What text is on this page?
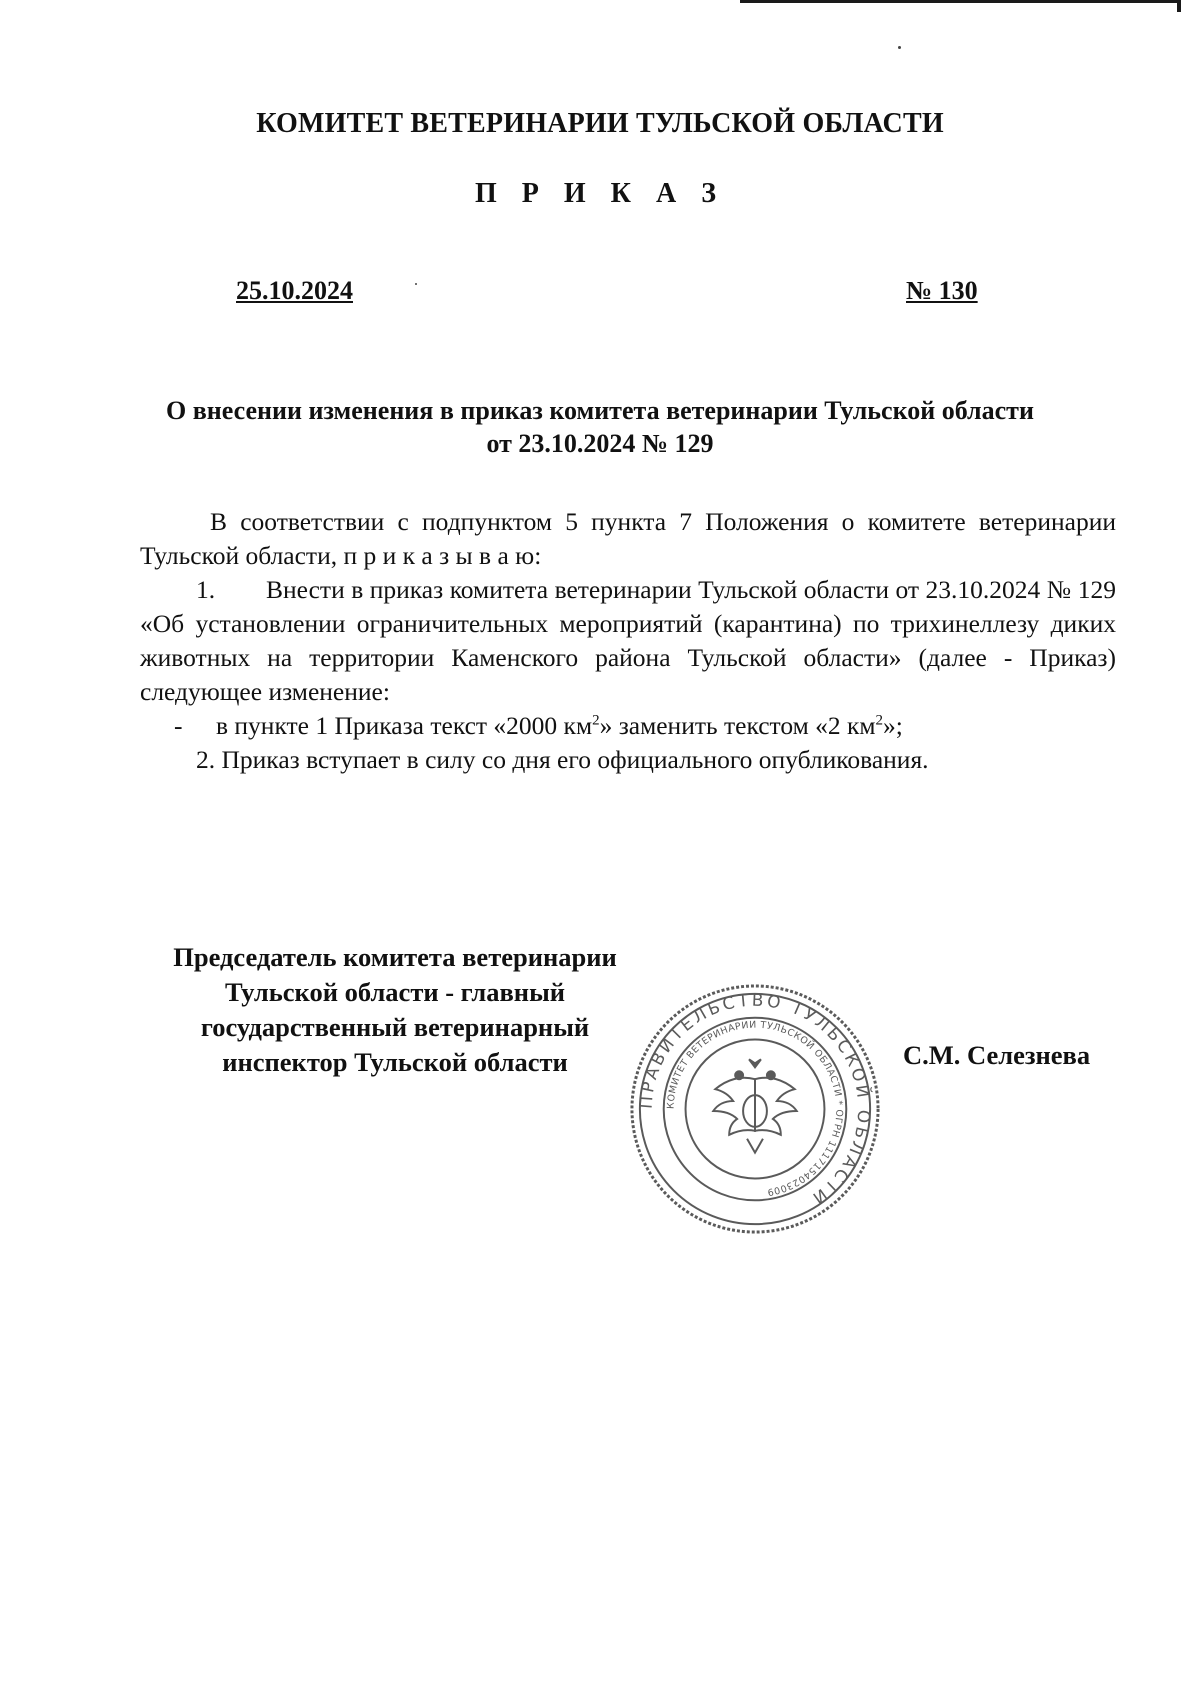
КОМИТЕТ ВЕТЕРИНАРИИ ТУЛЬСКОЙ ОБЛАСТИ
П Р И К А З
25.10.2024	№ 130
О внесении изменения в приказ комитета ветеринарии Тульской области
от 23.10.2024 № 129

В соответствии с подпунктом 5 пункта 7 Положения о комитете ветеринарии Тульской области, п р и к а з ы в а ю:

1. Внести в приказ комитета ветеринарии Тульской области от 23.10.2024 № 129 «Об установлении ограничительных мероприятий (карантина) по трихинеллезу диких животных на территории Каменского района Тульской области» (далее - Приказ) следующее изменение:

- в пункте 1 Приказа текст «2000 $км^2$» заменить текстом «2 $км^2$»;

2. Приказ вступает в силу со дня его официального опубликования.

Председатель комитета ветеринарии
Тульской области - главный
государственный ветеринарный
инспектор Тульской области	С.М. Селезнева
ПРАВИТЕЛЬСТВО ТУЛЬСКОЙ ОБЛАСТИ
КОМИТЕТ ВЕТЕРИНАРИИ ТУЛЬСКОЙ ОБЛАСТИ * ОГРН 1117154023009
